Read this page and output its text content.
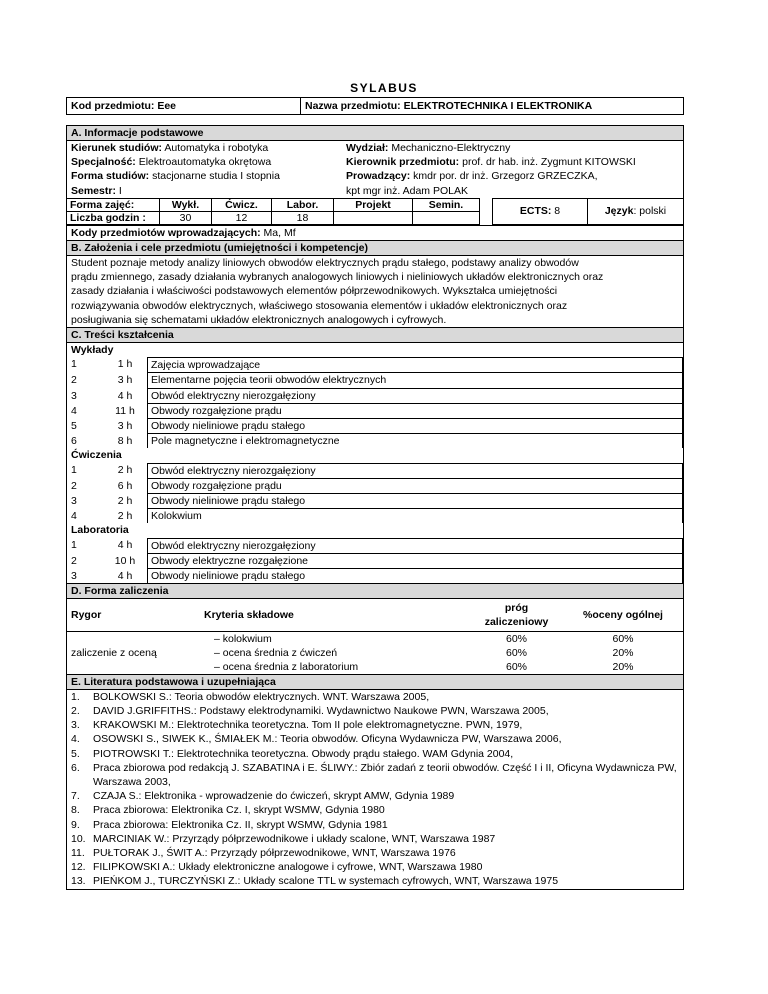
SYLABUS
Kod przedmiotu: Eee	Nazwa przedmiotu: ELEKTROTECHNIKA I ELEKTRONIKA
A. Informacje podstawowe
Kierunek studiów: Automatyka i robotyka
Specjalność: Elektroautomatyka okrętowa
Forma studiów: stacjonarne studia I stopnia
Semestr: I
Wydział: Mechaniczno-Elektryczny
Kierownik przedmiotu: prof. dr hab. inż. Zygmunt KITOWSKI
Prowadzący: kmdr por. dr inż. Grzegorz GRZECZKA,
kpt mgr inż. Adam POLAK
Forma zajęć:	Wykł.	Ćwicz.	Labor.	Projekt	Semin.		ECTS: 8	Język: polski
Liczba godzin :	30	12	18					
Kody przedmiotów wprowadzających: Ma, Mf
B. Założenia i cele przedmiotu (umiejętności i kompetencje)
Student poznaje metody analizy liniowych obwodów elektrycznych prądu stałego, podstawy analizy obwodów
prądu zmiennego, zasady działania wybranych analogowych liniowych i nieliniowych układów elektronicznych oraz
zasady działania i właściwości podstawowych elementów półprzewodnikowych. Wykształca umiejętności
rozwiązywania obwodów elektrycznych, właściwego stosowania elementów i układów elektronicznych oraz
posługiwania się schematami układów elektronicznych analogowych i cyfrowych.
C. Treści kształcenia
Wykłady
1	1 h	Zajęcia wprowadzające
2	3 h	Elementarne pojęcia teorii obwodów elektrycznych
3	4 h	Obwód elektryczny nierozgałęziony
4	11 h	Obwody rozgałęzione prądu
5	3 h	Obwody nieliniowe prądu stałego
6	8 h	Pole magnetyczne i elektromagnetyczne
Ćwiczenia
1	2 h	Obwód elektryczny nierozgałęziony
2	6 h	Obwody rozgałęzione prądu
3	2 h	Obwody nieliniowe prądu stałego
4	2 h	Kolokwium
Laboratoria
1	4 h	Obwód elektryczny nierozgałęziony
2	10 h	Obwody elektryczne rozgałęzione
3	4 h	Obwody nieliniowe prądu stałego
D. Forma zaliczenia
Rygor	Kryteria składowe	próg
zaliczeniowy	%oceny ogólnej
zaliczenie z oceną	– kolokwium	60%	60%
	– ocena średnia z ćwiczeń	60%	20%
	– ocena średnia z laboratorium	60%	20%
E. Literatura podstawowa i uzupełniająca
1.	BOLKOWSKI S.: Teoria obwodów elektrycznych. WNT. Warszawa 2005,
2.	DAVID J.GRIFFITHS.: Podstawy elektrodynamiki. Wydawnictwo Naukowe PWN, Warszawa 2005,
3.	KRAKOWSKI M.: Elektrotechnika teoretyczna. Tom II pole elektromagnetyczne. PWN, 1979,
4.	OSOWSKI S., SIWEK K., ŚMIAŁEK M.: Teoria obwodów. Oficyna Wydawnicza PW, Warszawa 2006,
5.	PIOTROWSKI T.: Elektrotechnika teoretyczna. Obwody prądu stałego. WAM Gdynia 2004,
6.	Praca zbiorowa pod redakcją J. SZABATINA i E. ŚLIWY.: Zbiór zadań z teorii obwodów. Część I i II, Oficyna Wydawnicza PW, Warszawa 2003,
7.	CZAJA S.: Elektronika - wprowadzenie do ćwiczeń, skrypt AMW, Gdynia 1989
8.	Praca zbiorowa: Elektronika Cz. I, skrypt WSMW, Gdynia 1980
9.	Praca zbiorowa: Elektronika Cz. II, skrypt WSMW, Gdynia 1981
10. MARCINIAK W.: Przyrządy półprzewodnikowe i układy scalone, WNT, Warszawa 1987
11. PUŁTORAK J., ŚWIT A.: Przyrządy półprzewodnikowe, WNT, Warszawa 1976
12. FILIPKOWSKI A.: Układy elektroniczne analogowe i cyfrowe, WNT, Warszawa 1980
13. PIEŃKOM J., TURCZYŃSKI Z.: Układy scalone TTL w systemach cyfrowych, WNT, Warszawa 1975
